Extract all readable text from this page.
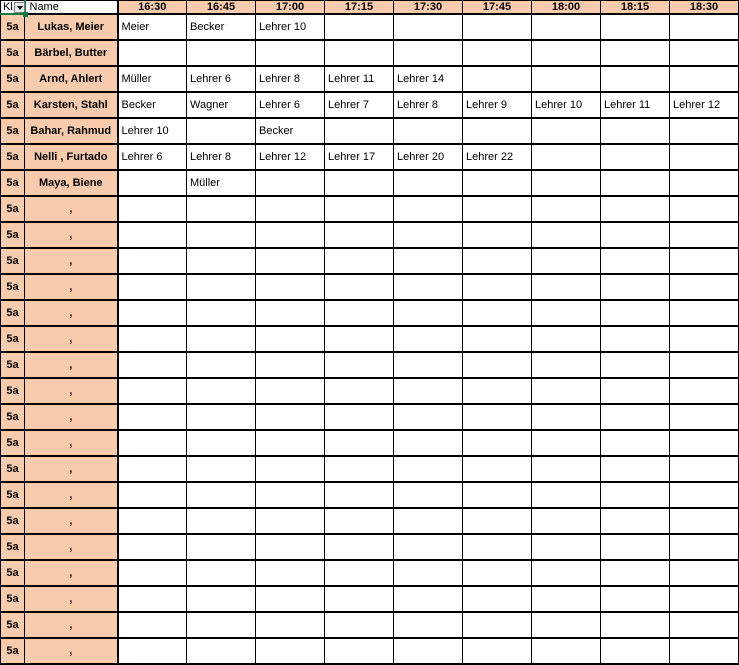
Kl	Name	16:30	16:45	17:00	17:15	17:30	17:45	18:00	18:15	18:30
5a	Lukas, Meier	Meier	Becker	Lehrer 10						
5a	Bärbel, Butter									
5a	Arnd, Ahlert	Müller	Lehrer 6	Lehrer 8	Lehrer 11	Lehrer 14				
5a	Karsten, Stahl	Becker	Wagner	Lehrer 6	Lehrer 7	Lehrer 8	Lehrer 9	Lehrer 10	Lehrer 11	Lehrer 12
5a	Bahar, Rahmud	Lehrer 10		Becker						
5a	Nelli , Furtado	Lehrer 6	Lehrer 8	Lehrer 12	Lehrer 17	Lehrer 20	Lehrer 22			
5a	Maya, Biene		Müller							
5a	,									
5a	,									
5a	,									
5a	,									
5a	,									
5a	,									
5a	,									
5a	,									
5a	,									
5a	,									
5a	,									
5a	,									
5a	,									
5a	,									
5a	,									
5a	,									
5a	,									
5a	,									
